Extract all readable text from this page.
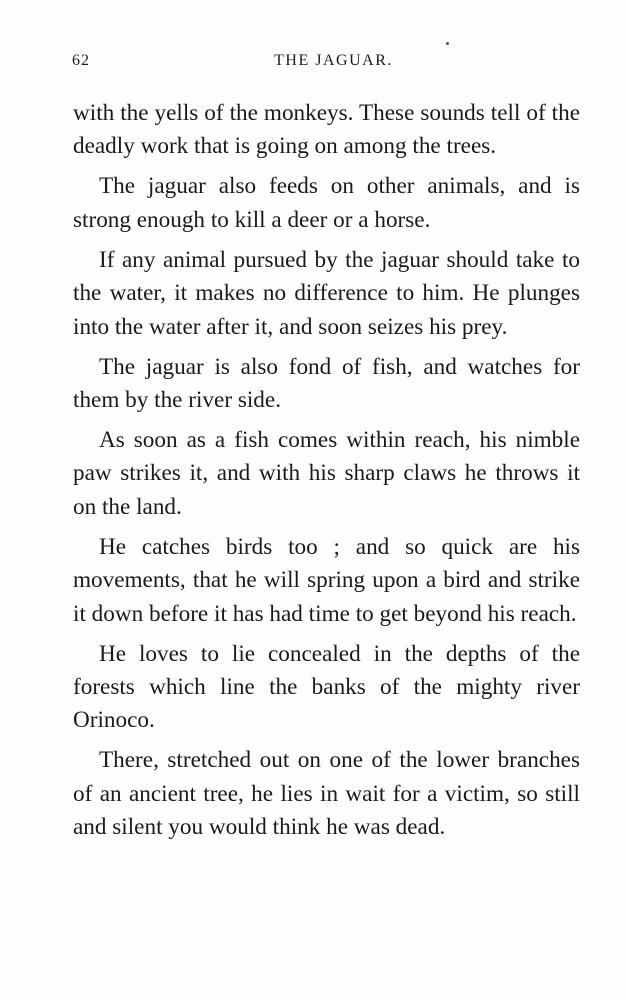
62	THE JAGUAR.

with the yells of the monkeys. These sounds tell of the deadly work that is going on among the trees.

The jaguar also feeds on other animals, and is strong enough to kill a deer or a horse.

If any animal pursued by the jaguar should take to the water, it makes no difference to him. He plunges into the water after it, and soon seizes his prey.

The jaguar is also fond of fish, and watches for them by the river side.

As soon as a fish comes within reach, his nimble paw strikes it, and with his sharp claws he throws it on the land.

He catches birds too ; and so quick are his movements, that he will spring upon a bird and strike it down before it has had time to get beyond his reach.

He loves to lie concealed in the depths of the forests which line the banks of the mighty river Orinoco.

There, stretched out on one of the lower branches of an ancient tree, he lies in wait for a victim, so still and silent you would think he was dead.
